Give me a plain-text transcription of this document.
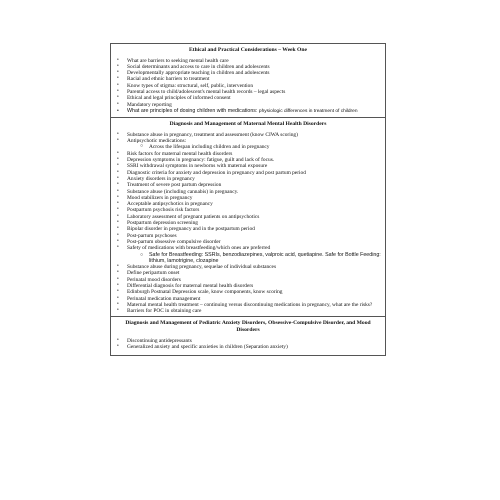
Ethical and Practical Considerations – Week One
• What are barriers to seeking mental health care
• Social determinants and access to care in children and adolescents
• Developmentally appropriate teaching in children and adolescents
• Racial and ethnic barriers to treatment
• Know types of stigma: structural, self, public, intervention
• Parental access to child/adolescent's mental health records – legal aspects
• Ethical and legal principles of informed consent
• Mandatory reporting
• What are principles of dosing children with medications: physiologic differences in treatment of children
Diagnosis and Management of Maternal Mental Health Disorders
• Substance abuse in pregnancy, treatment and assessment (know CIWA scoring)
• Antipsychotic medications:
○ Across the lifespan including children and in pregnancy
• Risk factors for maternal mental health disorders
• Depression symptoms in pregnancy: fatigue, guilt and lack of focus.
• SSRI withdrawal symptoms in newborns with maternal exposure
• Diagnostic criteria for anxiety and depression in pregnancy and post partum period
• Anxiety disorders in pregnancy
• Treatment of severe post partum depression
• Substance abuse (including cannabis) in pregnancy.
• Mood stabilizers in pregnancy
• Acceptable antipsychotics in pregnancy
• Postpartum psychosis risk factors
• Laboratory assessment of pregnant patients on antipsychotics
• Postpartum depression screening
• Bipolar disorder in pregnancy and in the postpartum period
• Post-partum psychoses
• Post-partum obsessive compulsive disorder
• Safety of medications with breastfeeding/which ones are preferred
○ Safe for Breastfeeding: SSRIs, benzodiazepines, valproic acid, quetiapine. Safe for Bottle Feeding: lithium, lamotrigine, clozapine
• Substance abuse during pregnancy, sequelae of individual substances
• Define peripartum onset
• Perinatal mood disorders
• Differential diagnosis for maternal mental health disorders
• Edinburgh Postnatal Depression scale, know components, know scoring
• Perinatal medication management
• Maternal mental health treatment – continuing versus discontinuing medications in pregnancy, what are the risks?
• Barriers for POC in obtaining care
Diagnosis and Management of Pediatric Anxiety Disorders, Obsessive-Compulsive Disorder, and Mood Disorders
• Discontinuing antidepressants
• Generalized anxiety and specific anxieties in children (Separation anxiety)
